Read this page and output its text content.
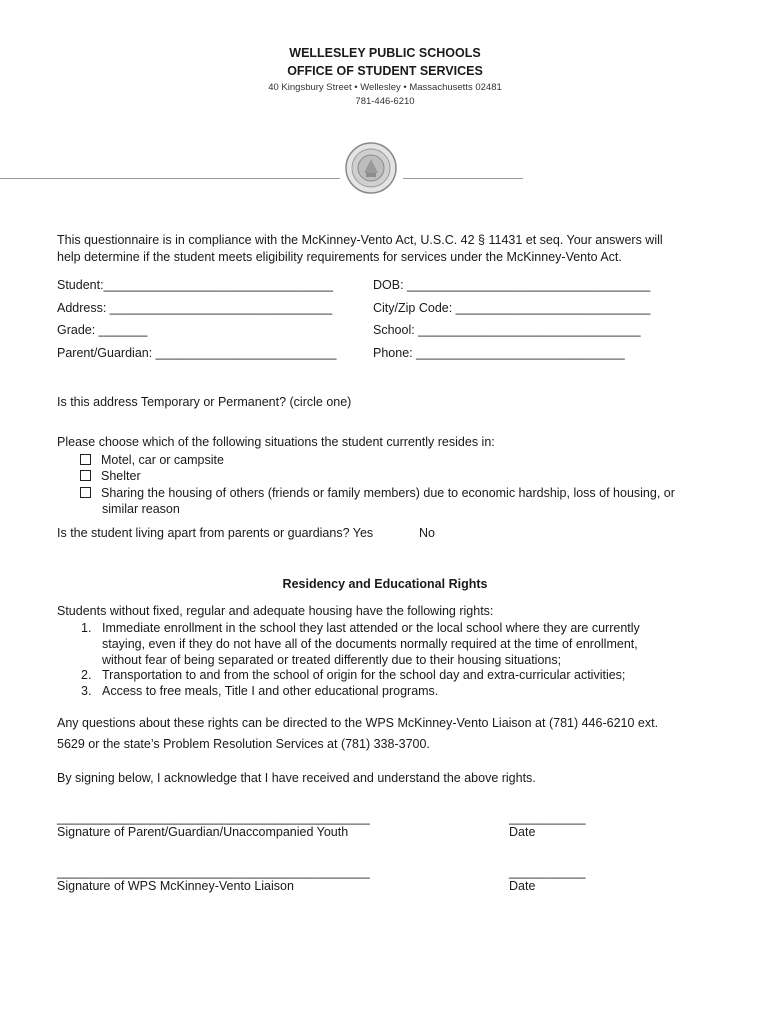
WELLESLEY PUBLIC SCHOOLS
OFFICE OF STUDENT SERVICES
40 Kingsbury Street • Wellesley • Massachusetts 02481
781-446-6210
This questionnaire is in compliance with the McKinney-Vento Act, U.S.C. 42 § 11431 et seq. Your answers will
help determine if the student meets eligibility requirements for services under the McKinney-Vento Act.
Student:_________________________________	DOB: ___________________________________
Address: ________________________________	City/Zip Code: ____________________________
Grade: _______	School: ________________________________
Parent/Guardian: __________________________	Phone: ______________________________
Is this address Temporary or Permanent? (circle one)
Please choose which of the following situations the student currently resides in:
Motel, car or campsite
Shelter
Sharing the housing of others (friends or family members) due to economic hardship, loss of housing, or
similar reason
Is the student living apart from parents or guardians? Yes	No
Residency and Educational Rights
Students without fixed, regular and adequate housing have the following rights:
1. Immediate enrollment in the school they last attended or the local school where they are currently
staying, even if they do not have all of the documents normally required at the time of enrollment,
without fear of being separated or treated differently due to their housing situations;
2. Transportation to and from the school of origin for the school day and extra-curricular activities;
3. Access to free meals, Title I and other educational programs.
Any questions about these rights can be directed to the WPS McKinney-Vento Liaison at (781) 446-6210 ext.
5629 or the state’s Problem Resolution Services at (781) 338-3700.
By signing below, I acknowledge that I have received and understand the above rights.
_____________________________________________	___________
Signature of Parent/Guardian/Unaccompanied Youth	Date
_____________________________________________	___________
Signature of WPS McKinney-Vento Liaison	Date
